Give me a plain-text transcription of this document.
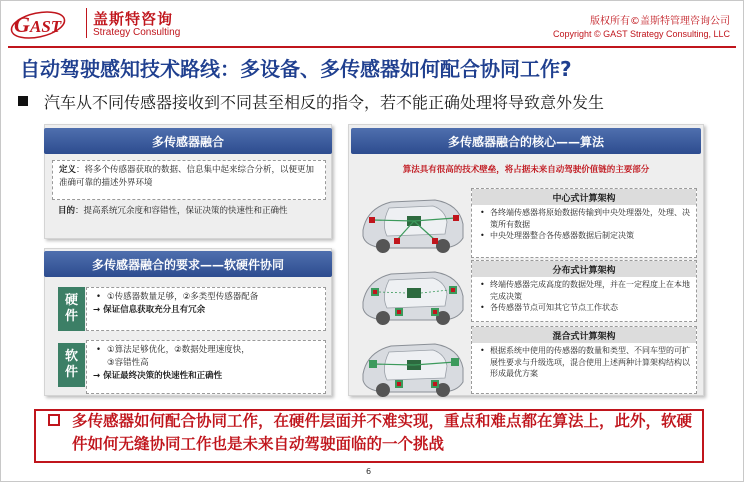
G AST 盖斯特咨询
Strategy Consulting
版权所有©盖斯特管理咨询公司
Copyright © GAST Strategy Consulting, LLC
自动驾驶感知技术路线：多设备、多传感器如何配合协同工作?
汽车从不同传感器接收到不同甚至相反的指令，若不能正确处理将导致意外发生
多传感器融合
定义：将多个传感器获取的数据、信息集中起来综合分析，以便更加准确可靠的描述外界环境
目的：提高系统冗余度和容错性，保证决策的快速性和正确性
多传感器融合的要求——软硬件协同
硬
件
• ①传感器数量足够，②多类型传感器配备
→ 保证信息获取充分且有冗余
软
件
• ①算法足够优化，②数据处理速度快，
③容错性高
→ 保证最终决策的快速性和正确性
多传感器融合的核心——算法
算法具有很高的技术壁垒，将占据未来自动驾驶价值链的主要部分
中心式计算架构
• 各终端传感器将原始数据传输到中央处理器处，处理、决策所有数据
• 中央处理器整合各传感器数据后制定决策
分布式计算架构
• 终端传感器完成高度的数据处理，并在一定程度上在本地完成决策
• 各传感器节点可知其它节点工作状态
混合式计算架构
• 根据系统中使用的传感器的数量和类型、不同车型的可扩展性要求与升级选项，混合使用上述两种计算架构结构以形成最优方案
多传感器如何配合协同工作，在硬件层面并不难实现，重点和难点都在算法上，此外，软硬件如何无缝协同工作也是未来自动驾驶面临的一个挑战
6
